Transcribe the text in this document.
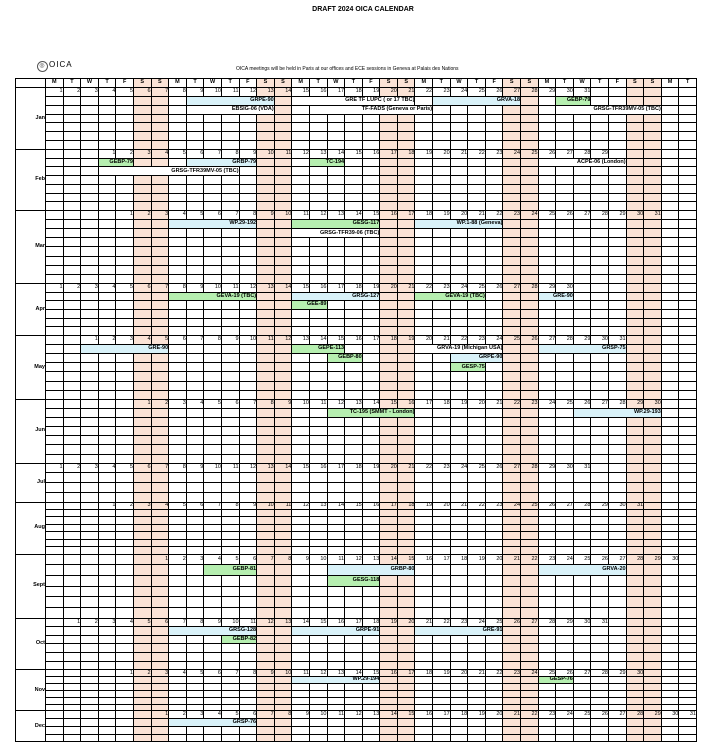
DRAFT 2024 OICA CALENDAR
◎ OICA	OICA meetings will be held in Paris at our offices and ECE sessions in Geneva at Palais des Nations
	M	T	W	T	F	S	S	M	T	W	T	F	S	S	M	T	W	T	F	S	S	M	T	W	T	F	S	S	M	T	W	T	F	S	S	M	T
Jan	1	2	3	4	5	6	7	8	9	10	11	12	13	14	15	16	17	18	19	20	21	22	23	24	25	26	27	28	29	30	31						
									GRPE-90						GRE TF LUPC ( or 17 TBC)								GRVA-18							GEBP-79							
									EBSIG-06 (VDA)							TF-FADS (Geneva or Paris)														GRSG-TFR39MV-05 (TBC)							

Feb				1	2	3	4	5	6	7	8	9	10	11	12	13	14	15	16	17	18	19	20	21	22	23	24	25	26	27	28	29					
				GEBP-79					GRBP-79							TC-194													ACPE-06 (London)								
				GRSG-TFR39MV-05 (TBC)																																	

Mar					1	2	3	4	5	6	7	8	9	10	11	12	13	14	15	16	17	18	19	20	21	22	23	24	25	26	27	28	29	30	31		
								WP.29-192							GESG-117							WP.1-88 (Geneva)															
															GRSG-TFR39-06 (TBC)																						

Apr	1	2	3	4	5	6	7	8	9	10	11	12	13	14	15	16	17	18	19	20	21	22	23	24	25	26	27	28	29	30							
								GEVA-19 (TBC)							GRSG-127							GEVA-19 (TBC)							GRE-90								
															GEE-89																						

May			1	2	3	4	5	6	7	8	9	10	11	12	13	14	15	16	17	18	19	20	21	22	23	24	25	26	27	28	29	30	31				
			GRE-90												GEPE-113							GRVA-19 (Michigan USA)							GRSP-75								
																	GEBP-80							GRPE-90													
																								GESP-75													

Jun						1	2	3	4	5	6	7	8	9	10	11	12	13	14	15	16	17	18	19	20	21	22	23	24	25	26	27	28	29	30		
																	TC-195 (SMMT - London)														WP.29-193						

Jul	1	2	3	4	5	6	7	8	9	10	11	12	13	14	15	16	17	18	19	20	21	22	23	24	25	26	27	28	29	30	31						

Aug				1	2	3	4	5	6	7	8	9	10	11	12	13	14	15	16	17	18	19	20	21	22	23	24	25	26	27	28	29	30	31			

Sept							1	2	3	4	5	6	7	8	9	10	11	12	13	14	15	16	17	18	19	20	21	22	23	24	25	26	27	28	29	30	
										GEBP-81							GRBP-80												GRVA-20								
																	GESG-118																				

Oct		1	2	3	4	5	6	7	8	9	10	11	12	13	14	15	16	17	18	19	20	21	22	23	24	25	26	27	28	29	30	31					
								GRSG-128							GRPE-91							GRE-91															
											GEBP-82																										

Nov					1	2	3	4	5	6	7	8	9	10	11	12	13	14	15	16	17	18	19	20	21	22	23	24	25	26	27	28	29	30			
															WP.29-194														GESP-76								

Dec							1	2	3	4	5	6	7	8	9	10	11	12	13	14	15	16	17	18	19	20	21	22	23	24	25	26	27	28	29	30	31
								GRSP-76																													
